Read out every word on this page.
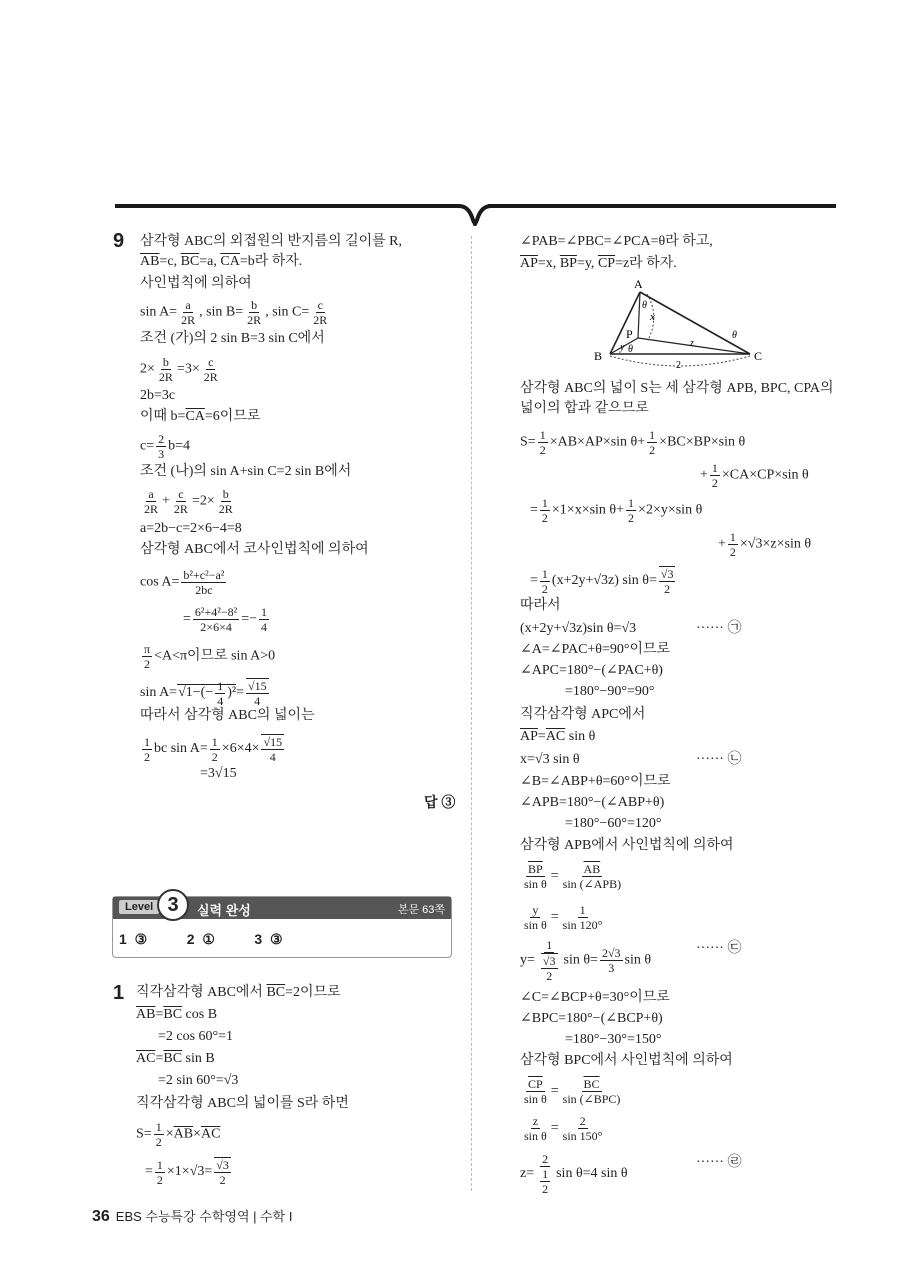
9 삼각형 ABC의 외접원의 반지름의 길이를 R,
$\overline{AB}=c$, $\overline{BC}=a$, $\overline{CA}=b$라 하자.
사인법칙에 의하여
$\sin A= \frac{a}{2R}$ , $\sin B= \frac{b}{2R}$ , $\sin C= \frac{c}{2R}$
조건 (가)의 2 sin B=3 sin C에서
$2\times \frac{b}{2R} =3\times \frac{c}{2R}$
2b=3c
이때 $b=\overline{CA}=6$이므로
$c= \frac{2}{3} b=4$
조건 (나)의 sin A+sin C=2 sin B에서
$\frac{a}{2R} + \frac{c}{2R} =2\times \frac{b}{2R}$
a=2b−c=2×6−4=8
삼각형 ABC에서 코사인법칙에 의하여
$\cos A= \frac{\text{b²+c²−a²}}{2bc}$
= $\frac{\text{6²+4²−8²}}{2\times 6\times 4} =- \frac{1}{4}$
$\frac{\pi}{2} <A<\pi$이므로 sin A>0
sin A= √ $1-(- \frac{1}{4} )^2=$ √ $\frac{15}{4}$
따라서 삼각형 ABC의 넓이는
$\frac{1}{2}$ bc $\sin A= \frac{1}{2} \times 6\times 4\times$ √ $\frac{15}{4}$
=3√15
답 ③
Level	실력 완성	본문 63쪽
3
1 ③	2 ①	3 ③
1 직각삼각형 ABC에서 $\overline{BC}=2$이므로
$\overline{AB}=\overline{BC}$ cos B
=2 cos 60°=1
$\overline{AC}=\overline{BC}$ sin B
=2 sin 60°=√3
직각삼각형 ABC의 넓이를 S라 하면
$S= \frac{1}{2} \times\overline{AB}\times\overline{AC}$
= $\frac{1}{2} \times 1\times√3=$ √ $\frac{3}{2}$
∠PAB=∠PBC=∠PCA=θ라 하고,
$\overline{AP}=x$, $\overline{BP}=y$, $\overline{CP}=z$라 하자.
A
B	C
P
θ
x
y θ
z
θ
2
삼각형 ABC의 넓이 S는 세 삼각형 APB, BPC, CPA의
넓이의 합과 같으므로
$S= \frac{1}{2} \times AB\times AP\times\sin$ $\theta+ \frac{1}{2} \times BC\times BP\times\sin$ θ
+ $\frac{1}{2} \times CA\times CP\times\sin$ θ
= $\frac{1}{2} \times 1\times x\times\sin$ $\theta+ \frac{1}{2} \times 2\times y\times\sin$ θ
+ $\frac{1}{2} \times√3\times z\times\sin$ θ
= $\frac{1}{2} (x+2y+√3z)$ sin θ= √ $\frac{3}{2}$
따라서
(x+2y+√3z)sin θ=√3	······ ㉠
∠A=∠PAC+θ=90°이므로
∠APC=180°−(∠PAC+θ)
=180°−90°=90°
직각삼각형 APC에서
$\overline{AP}=\overline{AC}$ sin θ
x=√3 sin θ	······ ㉡
∠B=∠ABP+θ=60°이므로
∠APB=180°−(∠ABP+θ)
=180°−60°=120°
삼각형 APB에서 사인법칙에 의하여
$\frac{\overline{BP}}{\text{sin θ}} = \frac{\overline{AB}}{\text{sin (∠APB)}}$
$\frac{y}{\text{sin θ}} = \frac{1}{\sin 120^\circ}$
y= 1
√ $\frac{3}{2}$ $\sin \theta= \frac{2√3}{3}$ sin θ
······ ㉢
∠C=∠BCP+θ=30°이므로
∠BPC=180°−(∠BCP+θ)
=180°−30°=150°
삼각형 BPC에서 사인법칙에 의하여
$\frac{\overline{CP}}{\text{sin θ}} = \frac{\overline{BC}}{\text{sin (∠BPC)}}$
$\frac{z}{\text{sin θ}} = \frac{2}{\sin 150^\circ}$
$z= \frac{2}{\frac{1}{2}}$ sin θ=4 sin θ
······ ㉣
36 EBS 수능특강 수학영역 | 수학 I
